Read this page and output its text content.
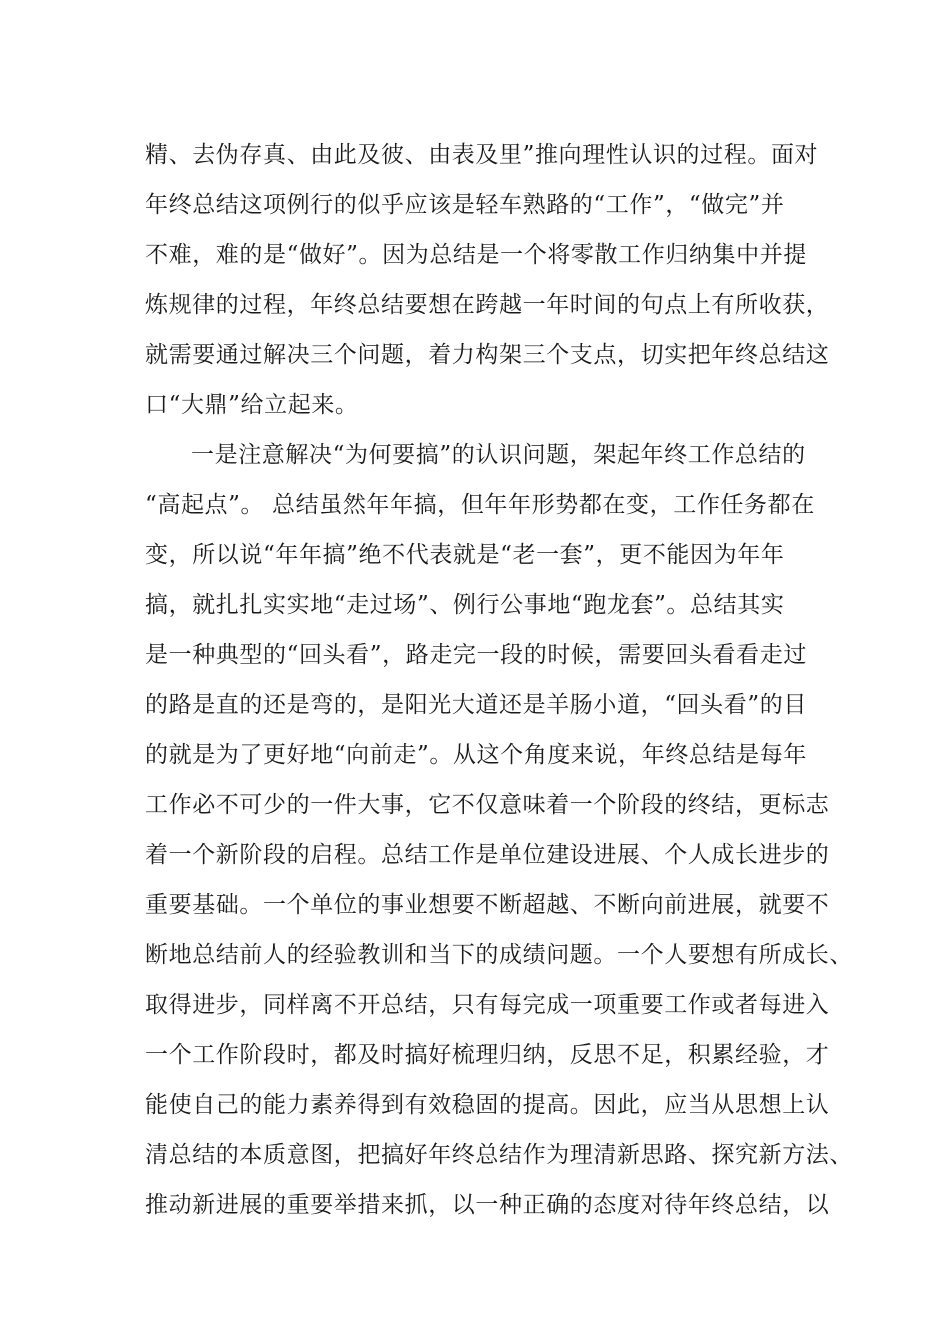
精、去伪存真、由此及彼、由表及里”推向理性认识的过程。面对
年终总结这项例行的似乎应该是轻车熟路的“工作”，“做完”并
不难，难的是“做好”。因为总结是一个将零散工作归纳集中并提
炼规律的过程，年终总结要想在跨越一年时间的句点上有所收获，
就需要通过解决三个问题，着力构架三个支点，切实把年终总结这
口“大鼎”给立起来。
一是注意解决“为何要搞”的认识问题，架起年终工作总结的
“高起点”。 总结虽然年年搞，但年年形势都在变，工作任务都在
变，所以说“年年搞”绝不代表就是“老一套”，更不能因为年年
搞，就扎扎实实地“走过场”、例行公事地“跑龙套”。总结其实
是一种典型的“回头看”，路走完一段的时候，需要回头看看走过
的路是直的还是弯的，是阳光大道还是羊肠小道，“回头看”的目
的就是为了更好地“向前走”。从这个角度来说，年终总结是每年
工作必不可少的一件大事，它不仅意味着一个阶段的终结，更标志
着一个新阶段的启程。总结工作是单位建设进展、个人成长进步的
重要基础。一个单位的事业想要不断超越、不断向前进展，就要不
断地总结前人的经验教训和当下的成绩问题。一个人要想有所成长、
取得进步，同样离不开总结，只有每完成一项重要工作或者每进入
一个工作阶段时，都及时搞好梳理归纳，反思不足，积累经验，才
能使自己的能力素养得到有效稳固的提高。因此，应当从思想上认
清总结的本质意图，把搞好年终总结作为理清新思路、探究新方法、
推动新进展的重要举措来抓，以一种正确的态度对待年终总结，以
